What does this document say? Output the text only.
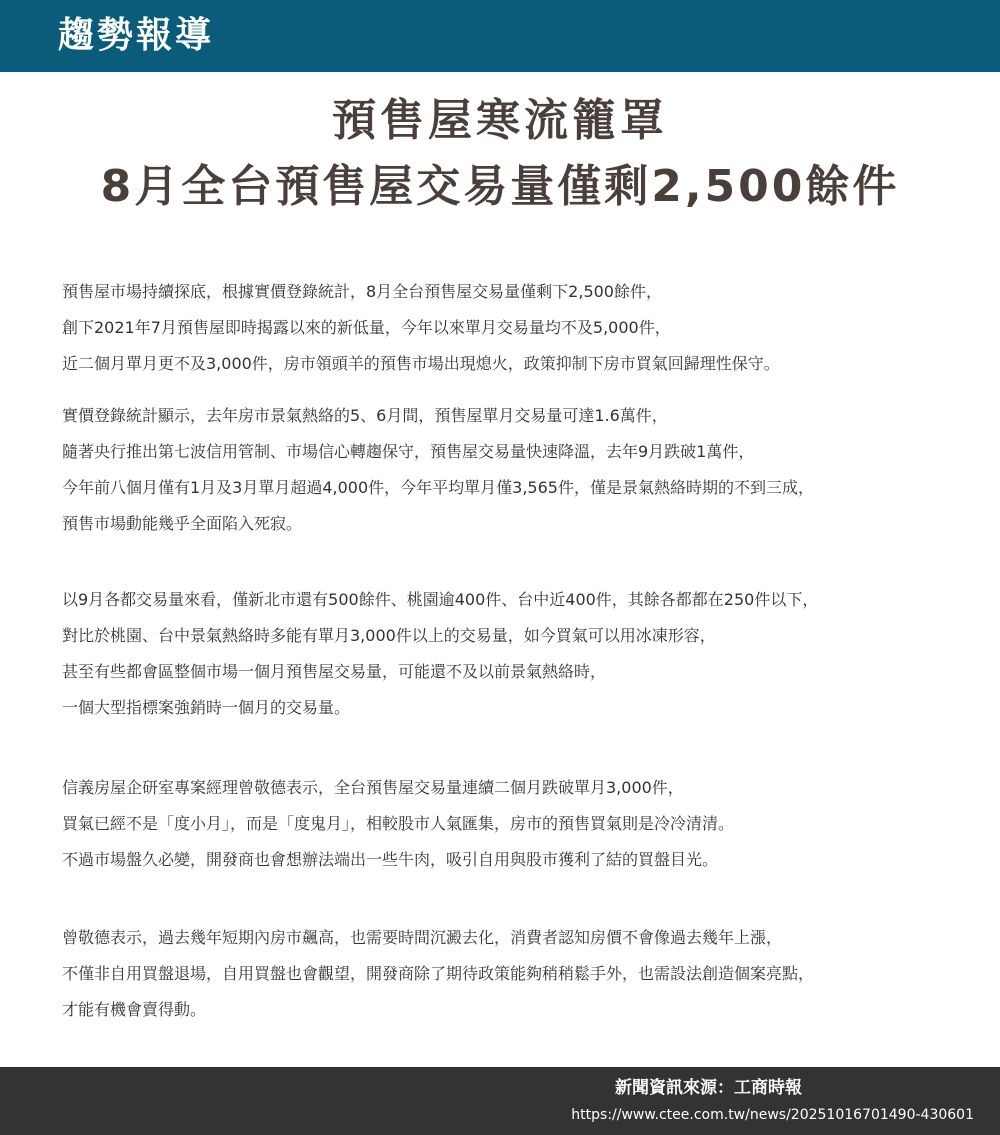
趨勢報導
預售屋寒流籠罩
8月全台預售屋交易量僅剩2,500餘件
預售屋市場持續探底，根據實價登錄統計，8月全台預售屋交易量僅剩下2,500餘件，
創下2021年7月預售屋即時揭露以來的新低量，今年以來單月交易量均不及5,000件，
近二個月單月更不及3,000件，房市領頭羊的預售市場出現熄火，政策抑制下房市買氣回歸理性保守。
實價登錄統計顯示，去年房市景氣熱絡的5、6月間，預售屋單月交易量可達1.6萬件，
隨著央行推出第七波信用管制、市場信心轉趨保守，預售屋交易量快速降溫，去年9月跌破1萬件，
今年前八個月僅有1月及3月單月超過4,000件，今年平均單月僅3,565件，僅是景氣熱絡時期的不到三成，
預售市場動能幾乎全面陷入死寂。
以9月各都交易量來看，僅新北市還有500餘件、桃園逾400件、台中近400件，其餘各都都在250件以下，
對比於桃園、台中景氣熱絡時多能有單月3,000件以上的交易量，如今買氣可以用冰凍形容，
甚至有些都會區整個市場一個月預售屋交易量，可能還不及以前景氣熱絡時，
一個大型指標案強銷時一個月的交易量。
信義房屋企研室專案經理曾敬德表示，全台預售屋交易量連續二個月跌破單月3,000件，
買氣已經不是「度小月」，而是「度鬼月」，相較股市人氣匯集，房市的預售買氣則是冷冷清清。
不過市場盤久必變，開發商也會想辦法端出一些牛肉，吸引自用與股市獲利了結的買盤目光。
曾敬德表示，過去幾年短期內房市飆高，也需要時間沉澱去化，消費者認知房價不會像過去幾年上漲，
不僅非自用買盤退場，自用買盤也會觀望，開發商除了期待政策能夠稍稍鬆手外，也需設法創造個案亮點，
才能有機會賣得動。
新聞資訊來源：工商時報
https://www.ctee.com.tw/news/20251016701490-430601
